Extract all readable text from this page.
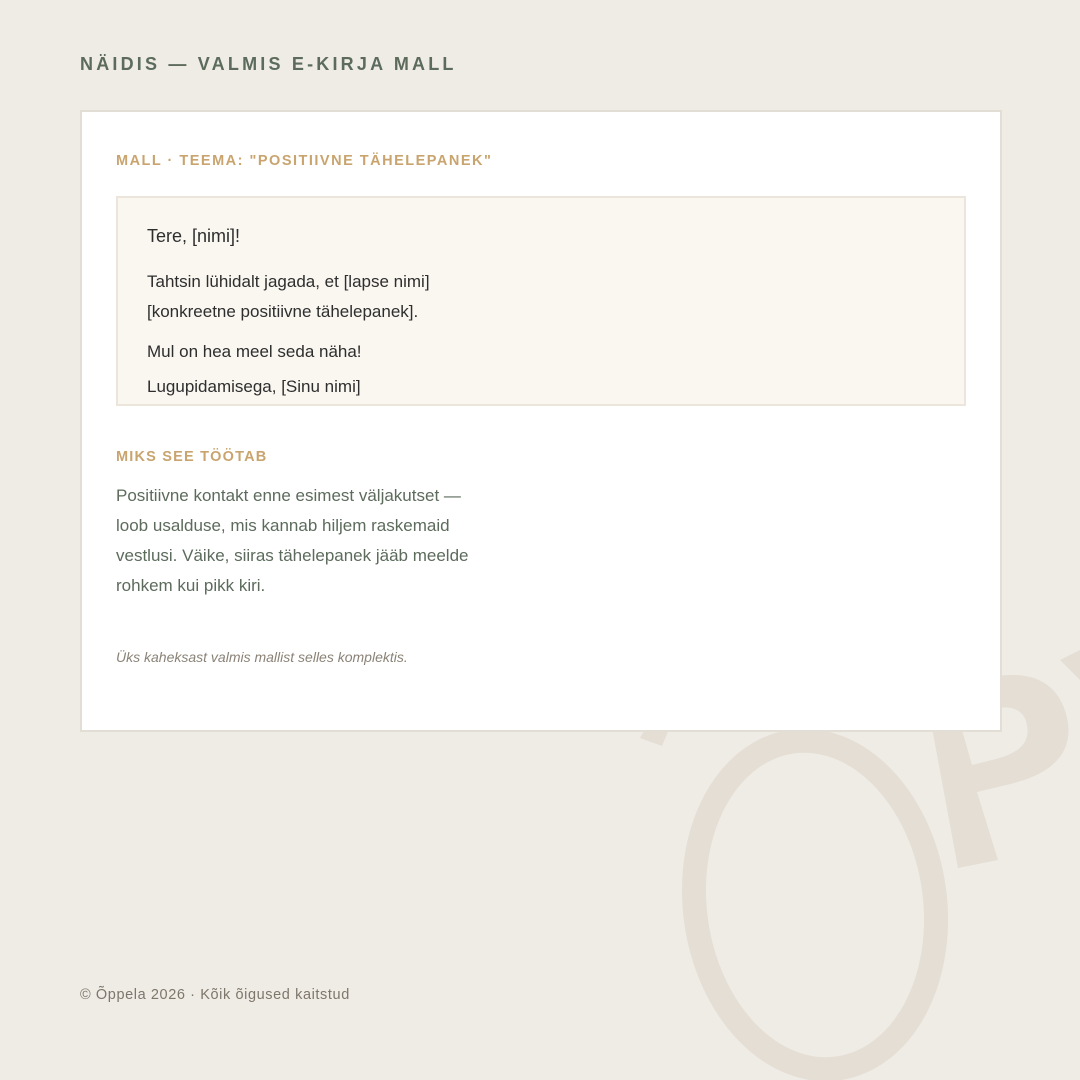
NÄIDIS — VALMIS E-KIRJA MALL
MALL · TEEMA: "POSITIIVNE TÄHELEPANEK"
Tere, [nimi]!
Tahtsin lühidalt jagada, et [lapse nimi]
[konkreetne positiivne tähelepanek].
Mul on hea meel seda näha!
Lugupidamisega, [Sinu nimi]
MIKS SEE TÖÖTAB
Positiivne kontakt enne esimest väljakutset —
loob usalduse, mis kannab hiljem raskemaid
vestlusi. Väike, siiras tähelepanek jääb meelde
rohkem kui pikk kiri.
Üks kaheksast valmis mallist selles komplektis.
© Õppela 2026 · Kõik õigused kaitstud
